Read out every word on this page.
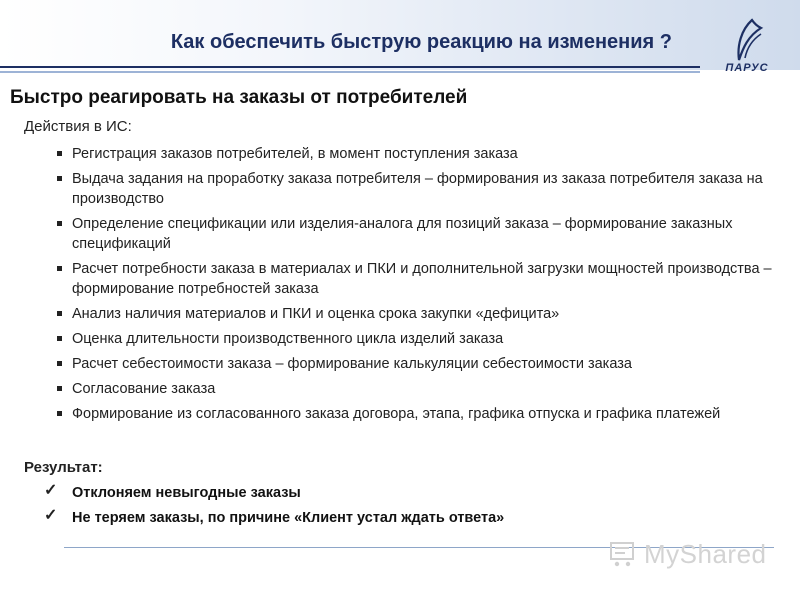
Как обеспечить быструю реакцию на изменения ?
ПАРУС
Быстро реагировать на заказы от потребителей
Действия в ИС:
Регистрация заказов потребителей, в момент поступления заказа
Выдача задания на проработку заказа потребителя – формирования из заказа потребителя заказа на производство
Определение спецификации или изделия-аналога для позиций заказа – формирование заказных спецификаций
Расчет потребности заказа в материалах и ПКИ и дополнительной загрузки мощностей производства – формирование потребностей заказа
Анализ наличия материалов и ПКИ и оценка срока закупки «дефицита»
Оценка длительности производственного цикла изделий заказа
Расчет себестоимости заказа – формирование калькуляции себестоимости заказа
Согласование заказа
Формирование из согласованного заказа договора, этапа, графика отпуска и графика платежей
Результат:
✓ Отклоняем невыгодные заказы
✓ Не теряем заказы, по причине «Клиент устал ждать ответа»
MyShared
